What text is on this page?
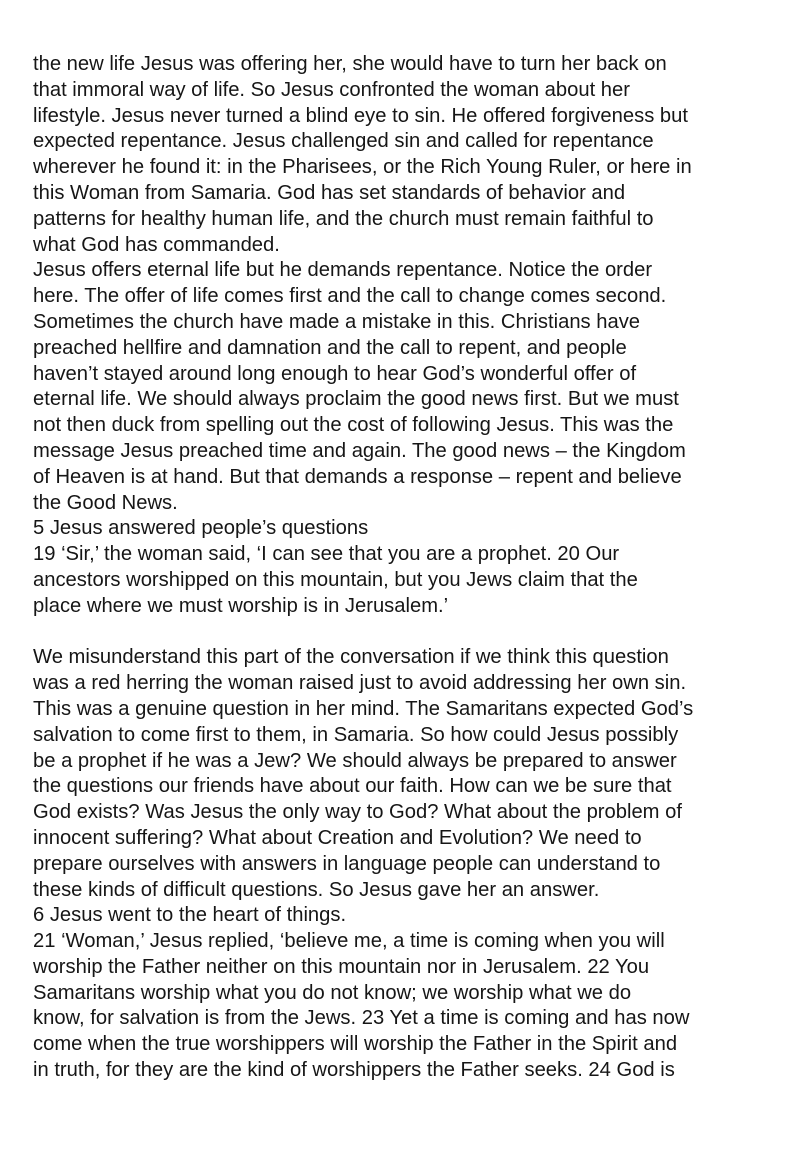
the new life Jesus was offering her, she would have to turn her back on
that immoral way of life. So Jesus confronted the woman about her
lifestyle. Jesus never turned a blind eye to sin. He offered forgiveness but
expected repentance. Jesus challenged sin and called for repentance
wherever he found it: in the Pharisees, or the Rich Young Ruler, or here in
this Woman from Samaria. God has set standards of behavior and
patterns for healthy human life, and the church must remain faithful to
what God has commanded.
Jesus offers eternal life but he demands repentance. Notice the order
here. The offer of life comes first and the call to change comes second.
Sometimes the church have made a mistake in this. Christians have
preached hellfire and damnation and the call to repent, and people
haven’t stayed around long enough to hear God’s wonderful offer of
eternal life. We should always proclaim the good news first. But we must
not then duck from spelling out the cost of following Jesus. This was the
message Jesus preached time and again. The good news – the Kingdom
of Heaven is at hand. But that demands a response – repent and believe
the Good News.
5 Jesus answered people’s questions
19 ‘Sir,’ the woman said, ‘I can see that you are a prophet. 20 Our
ancestors worshipped on this mountain, but you Jews claim that the
place where we must worship is in Jerusalem.’
We misunderstand this part of the conversation if we think this question
was a red herring the woman raised just to avoid addressing her own sin.
This was a genuine question in her mind. The Samaritans expected God’s
salvation to come first to them, in Samaria. So how could Jesus possibly
be a prophet if he was a Jew? We should always be prepared to answer
the questions our friends have about our faith. How can we be sure that
God exists? Was Jesus the only way to God? What about the problem of
innocent suffering? What about Creation and Evolution? We need to
prepare ourselves with answers in language people can understand to
these kinds of difficult questions. So Jesus gave her an answer.
6 Jesus went to the heart of things.
21 ‘Woman,’ Jesus replied, ‘believe me, a time is coming when you will
worship the Father neither on this mountain nor in Jerusalem. 22 You
Samaritans worship what you do not know; we worship what we do
know, for salvation is from the Jews. 23 Yet a time is coming and has now
come when the true worshippers will worship the Father in the Spirit and
in truth, for they are the kind of worshippers the Father seeks. 24 God is
